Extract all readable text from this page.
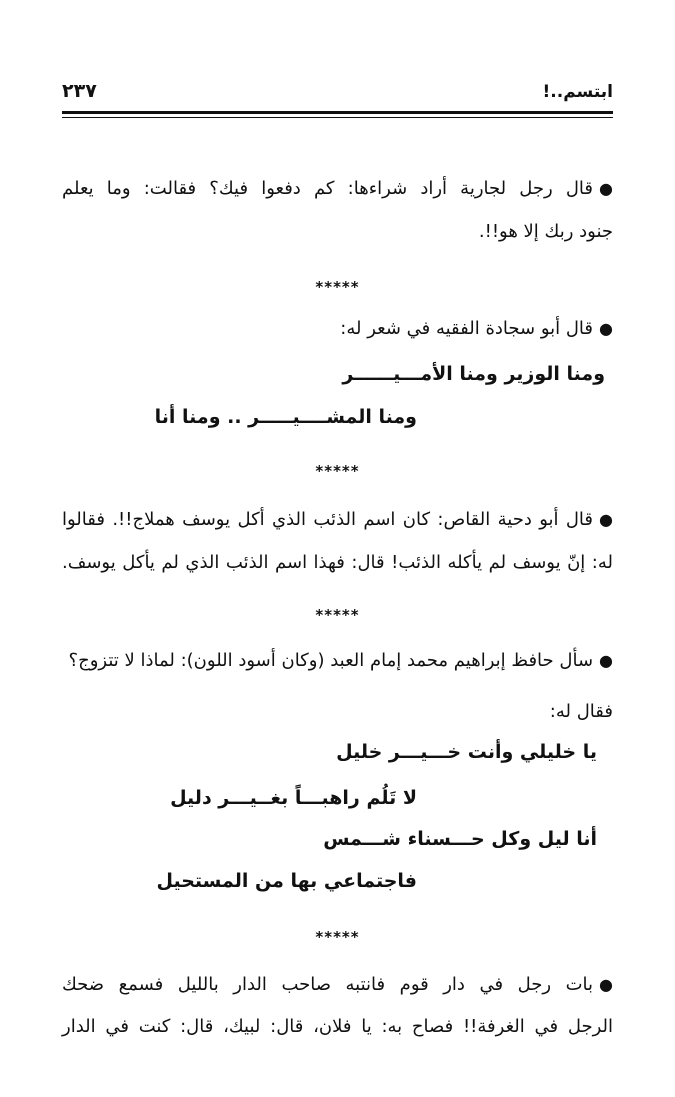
ابتسم..!
٢٣٧
●قال رجل لجارية أراد شراءها: كم دفعوا فيك؟ فقالت: وما يعلم
جنود ربك إلا هو!!.
*****
●قال أبو سجادة الفقيه في شعر له:
ومنا الوزير ومنا الأمـــيــــــر
ومنا المشــــيـــــر .. ومنا أنا
*****
●قال أبو دحية القاص: كان اسم الذئب الذي أكل يوسف هملاج!!. فقالوا
له: إنّ يوسف لم يأكله الذئب! قال: فهذا اسم الذئب الذي لم يأكل يوسف.
*****
●سأل حافظ إبراهيم محمد إمام العبد (وكان أسود اللون): لماذا لا تتزوج؟
فقال له:
يا خليلي وأنت خـــيـــر خليل
لا تَلُم راهبـــاً بغــيـــر دليل
أنا ليل وكل حـــسناء شـــمس
فاجتماعي بها من المستحيل
*****
●بات رجل في دار قوم فانتبه صاحب الدار بالليل فسمع ضحك
الرجل في الغرفة!! فصاح به: يا فلان، قال: لبيك، قال: كنت في الدار
